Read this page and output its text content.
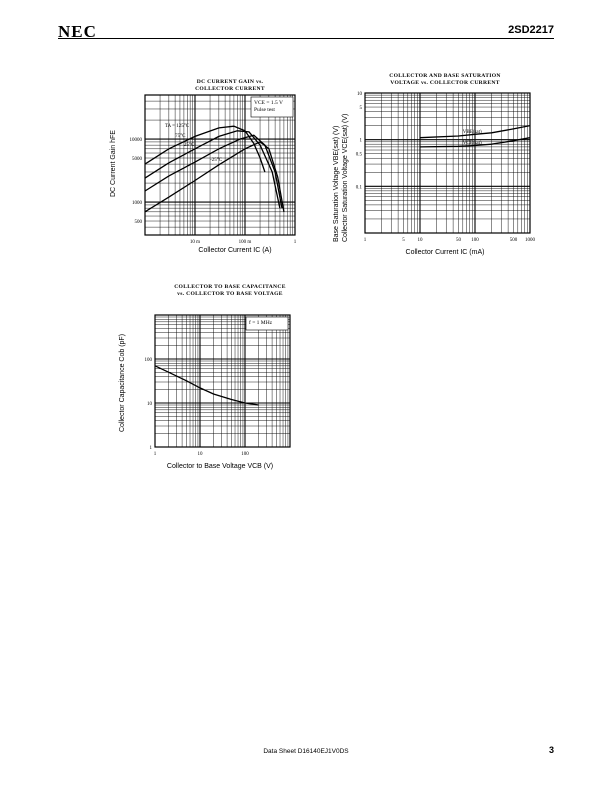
NEC	2SD2217
DC CURRENT GAIN vs.
COLLECTOR CURRENT
10 m	100 m	1
10000
5000
1000
500
TA = 125°C
75°C
25°C
-25°C
VCE = 1.5 V
Pulse test
Collector Current IC (A)
DC Current Gain hFE
COLLECTOR AND BASE SATURATION
VOLTAGE vs. COLLECTOR CURRENT
1	5	10	50 100	500 1000
10
5
1
0.5
0.1
VBE(sat)
VCE(sat)
Collector Current IC (mA)
Base Saturation Voltage VBE(sat) (V)
Collector Saturation Voltage VCE(sat) (V)
COLLECTOR TO BASE CAPACITANCE
vs. COLLECTOR TO BASE VOLTAGE
1	10	100
100
10
1
f = 1 MHz
Collector to Base Voltage VCB (V)
Collector Capacitance Cob (pF)
Data Sheet D16140EJ1V0DS	3
